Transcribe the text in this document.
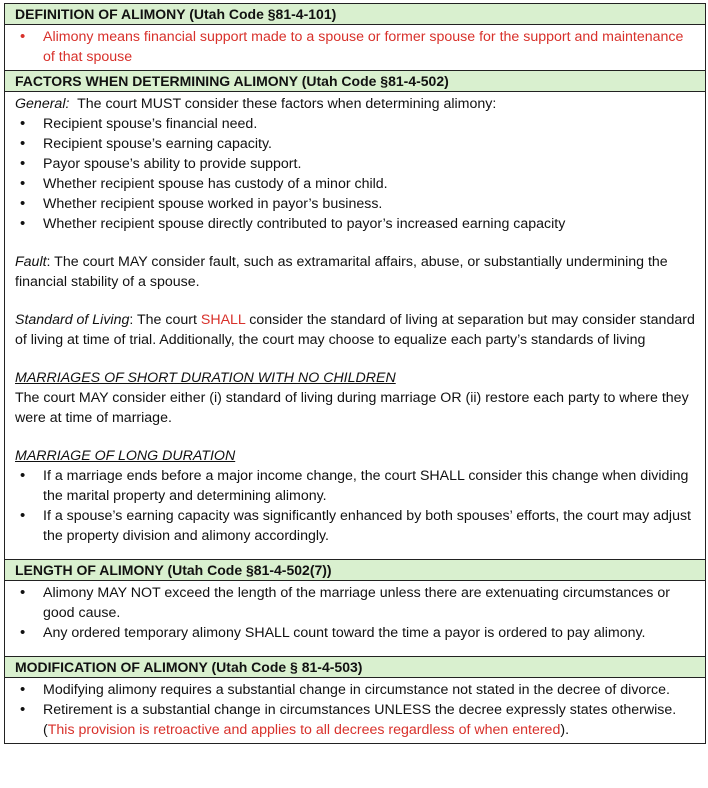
DEFINITION OF ALIMONY (Utah Code §81-4-101)
• Alimony means financial support made to a spouse or former spouse for the support and maintenance of that spouse
FACTORS WHEN DETERMINING ALIMONY (Utah Code §81-4-502)
General: The court MUST consider these factors when determining alimony:
• Recipient spouse’s financial need.
• Recipient spouse’s earning capacity.
• Payor spouse’s ability to provide support.
• Whether recipient spouse has custody of a minor child.
• Whether recipient spouse worked in payor’s business.
• Whether recipient spouse directly contributed to payor’s increased earning capacity
Fault: The court MAY consider fault, such as extramarital affairs, abuse, or substantially undermining the financial stability of a spouse.
Standard of Living: The court SHALL consider the standard of living at separation but may consider standard of living at time of trial. Additionally, the court may choose to equalize each party’s standards of living
MARRIAGES OF SHORT DURATION WITH NO CHILDREN
The court MAY consider either (i) standard of living during marriage OR (ii) restore each party to where they were at time of marriage.
MARRIAGE OF LONG DURATION
• If a marriage ends before a major income change, the court SHALL consider this change when dividing the marital property and determining alimony.
• If a spouse’s earning capacity was significantly enhanced by both spouses’ efforts, the court may adjust the property division and alimony accordingly.
LENGTH OF ALIMONY (Utah Code §81-4-502(7))
• Alimony MAY NOT exceed the length of the marriage unless there are extenuating circumstances or good cause.
• Any ordered temporary alimony SHALL count toward the time a payor is ordered to pay alimony.
MODIFICATION OF ALIMONY (Utah Code § 81-4-503)
• Modifying alimony requires a substantial change in circumstance not stated in the decree of divorce.
• Retirement is a substantial change in circumstances UNLESS the decree expressly states otherwise. (This provision is retroactive and applies to all decrees regardless of when entered).
